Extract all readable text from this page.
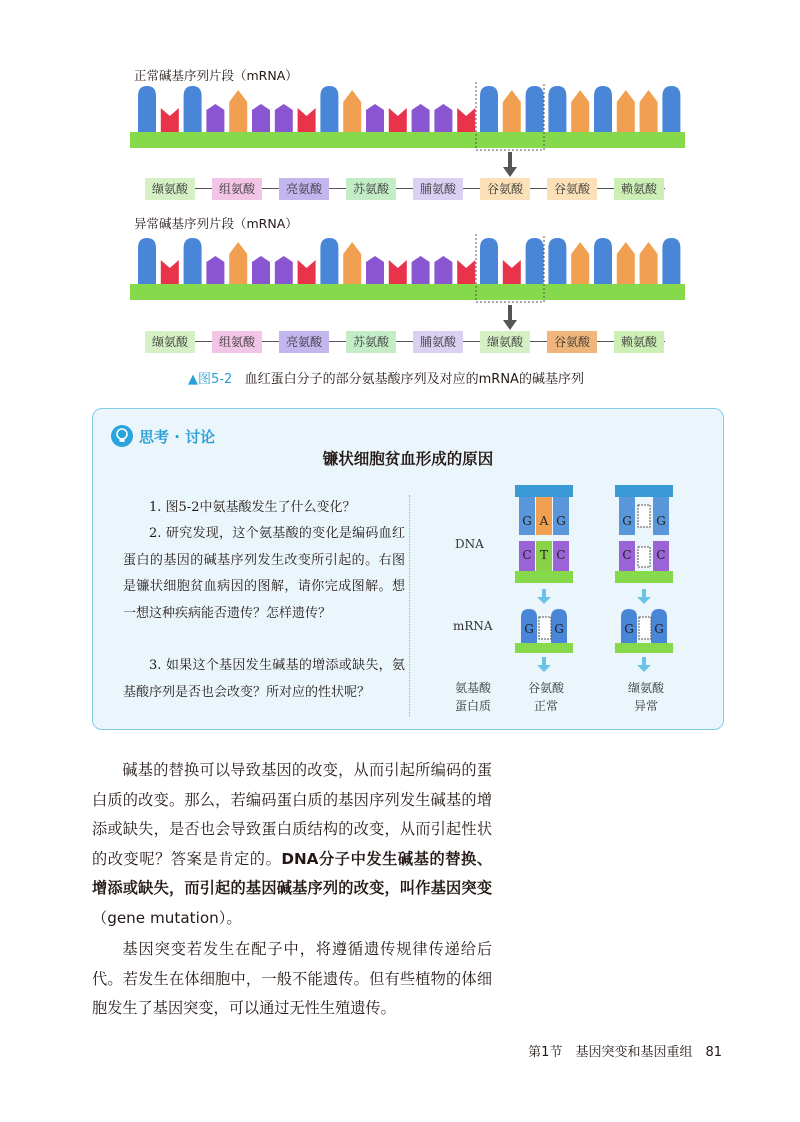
正常碱基序列片段（mRNA）
缬氨酸	组氨酸	亮氨酸	苏氨酸	脯氨酸	谷氨酸	谷氨酸	赖氨酸
异常碱基序列片段（mRNA）
缬氨酸	组氨酸	亮氨酸	苏氨酸	脯氨酸	缬氨酸	谷氨酸	赖氨酸
▲图5-2 血红蛋白分子的部分氨基酸序列及对应的mRNA的碱基序列
思考 · 讨论
镰状细胞贫血形成的原因
1. 图5-2中氨基酸发生了什么变化？
2. 研究发现，这个氨基酸的变化是编码血红蛋白的基因的碱基序列发生改变所引起的。右图是镰状细胞贫血病因的图解，请你完成图解。想一想这种疾病能否遗传？怎样遗传？
3. 如果这个基因发生碱基的增添或缺失，氨基酸序列是否也会改变？所对应的性状呢？
DNA
mRNA
氨基酸
蛋白质
G A G
C T C
G G
G G
C C
G G
谷氨酸
正常
缬氨酸
异常

碱基的替换可以导致基因的改变，从而引起所编码的蛋白质的改变。那么，若编码蛋白质的基因序列发生碱基的增添或缺失，是否也会导致蛋白质结构的改变，从而引起性状的改变呢？答案是肯定的。DNA分子中发生碱基的替换、增添或缺失，而引起的基因碱基序列的改变，叫作基因突变（gene mutation）。

基因突变若发生在配子中，将遵循遗传规律传递给后代。若发生在体细胞中，一般不能遗传。但有些植物的体细胞发生了基因突变，可以通过无性生殖遗传。

第1节　基因突变和基因重组　81
